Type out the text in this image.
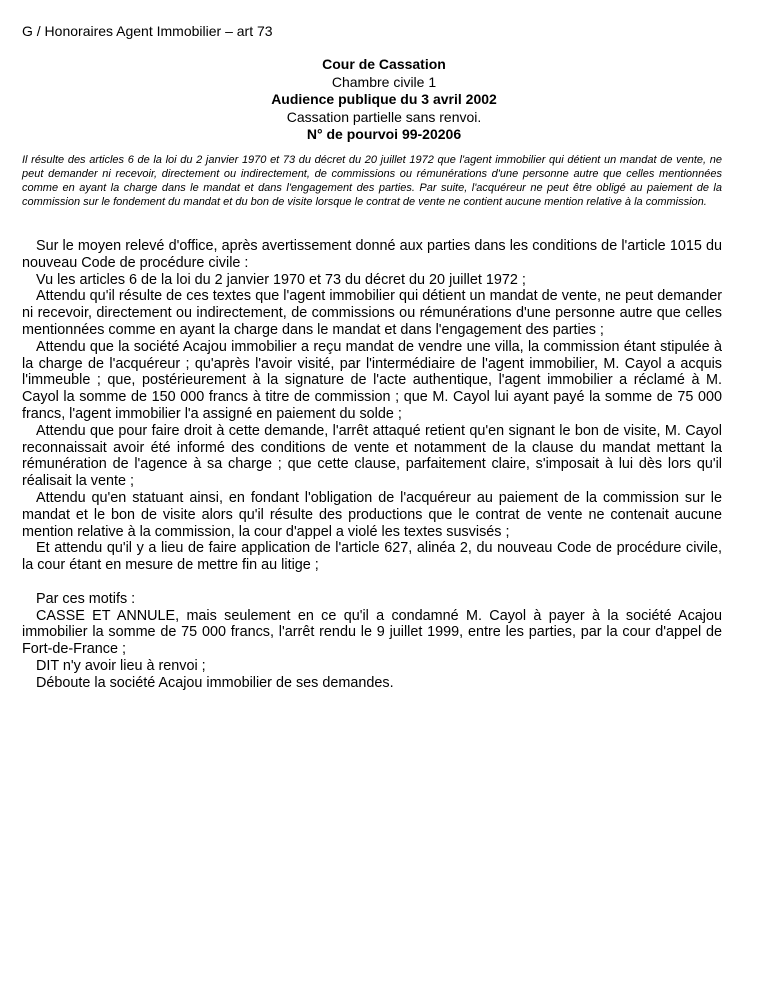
G / Honoraires Agent Immobilier – art 73
Cour de Cassation
Chambre civile 1
Audience publique du 3 avril 2002
Cassation partielle sans renvoi.
N° de pourvoi 99-20206
Il résulte des articles 6 de la loi du 2 janvier 1970 et 73 du décret du 20 juillet 1972 que l'agent immobilier qui détient un mandat de vente, ne peut demander ni recevoir, directement ou indirectement, de commissions ou rémunérations d'une personne autre que celles mentionnées comme en ayant la charge dans le mandat et dans l'engagement des parties. Par suite, l'acquéreur ne peut être obligé au paiement de la commission sur le fondement du mandat et du bon de visite lorsque le contrat de vente ne contient aucune mention relative à la commission.

Sur le moyen relevé d'office, après avertissement donné aux parties dans les conditions de l'article 1015 du nouveau Code de procédure civile :

Vu les articles 6 de la loi du 2 janvier 1970 et 73 du décret du 20 juillet 1972 ;

Attendu qu'il résulte de ces textes que l'agent immobilier qui détient un mandat de vente, ne peut demander ni recevoir, directement ou indirectement, de commissions ou rémunérations d'une personne autre que celles mentionnées comme en ayant la charge dans le mandat et dans l'engagement des parties ;

Attendu que la société Acajou immobilier a reçu mandat de vendre une villa, la commission étant stipulée à la charge de l'acquéreur ; qu'après l'avoir visité, par l'intermédiaire de l'agent immobilier, M. Cayol a acquis l'immeuble ; que, postérieurement à la signature de l'acte authentique, l'agent immobilier a réclamé à M. Cayol la somme de 150 000 francs à titre de commission ; que M. Cayol lui ayant payé la somme de 75 000 francs, l'agent immobilier l'a assigné en paiement du solde ;

Attendu que pour faire droit à cette demande, l'arrêt attaqué retient qu'en signant le bon de visite, M. Cayol reconnaissait avoir été informé des conditions de vente et notamment de la clause du mandat mettant la rémunération de l'agence à sa charge ; que cette clause, parfaitement claire, s'imposait à lui dès lors qu'il réalisait la vente ;

Attendu qu'en statuant ainsi, en fondant l'obligation de l'acquéreur au paiement de la commission sur le mandat et le bon de visite alors qu'il résulte des productions que le contrat de vente ne contenait aucune mention relative à la commission, la cour d'appel a violé les textes susvisés ;

Et attendu qu'il y a lieu de faire application de l'article 627, alinéa 2, du nouveau Code de procédure civile, la cour étant en mesure de mettre fin au litige ;

Par ces motifs :

CASSE ET ANNULE, mais seulement en ce qu'il a condamné M. Cayol à payer à la société Acajou immobilier la somme de 75 000 francs, l'arrêt rendu le 9 juillet 1999, entre les parties, par la cour d'appel de Fort-de-France ;

DIT n'y avoir lieu à renvoi ;

Déboute la société Acajou immobilier de ses demandes.
